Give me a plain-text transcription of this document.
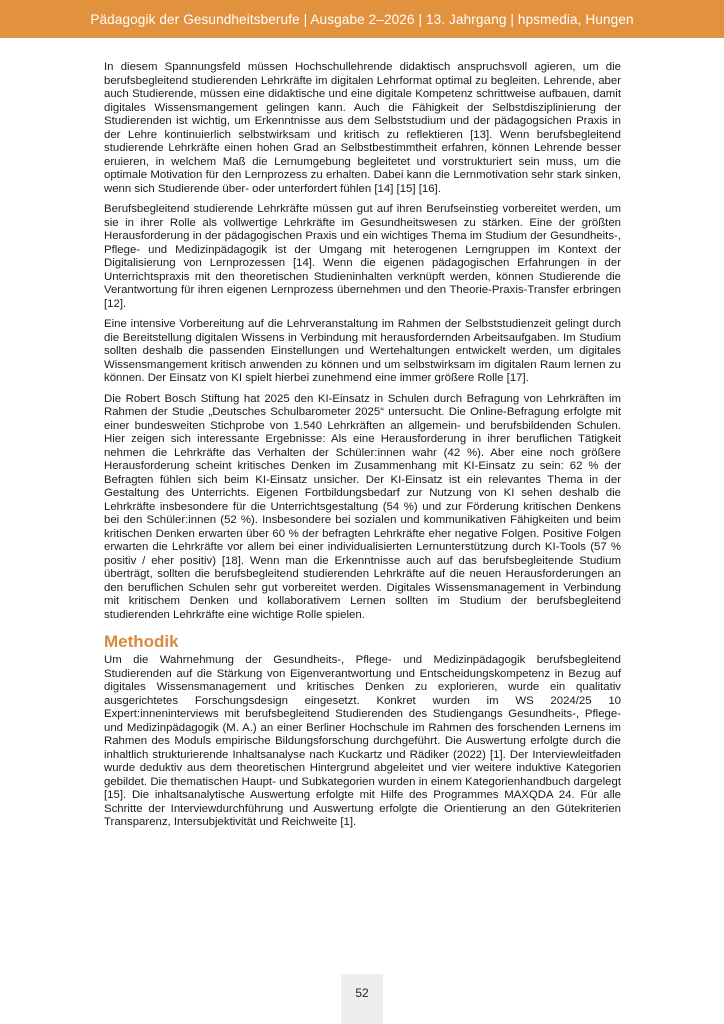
Pädagogik der Gesundheitsberufe | Ausgabe 2–2026 | 13. Jahrgang | hpsmedia, Hungen

In diesem Spannungsfeld müssen Hochschullehrende didaktisch anspruchsvoll agieren, um die berufsbegleitend studierenden Lehrkräfte im digitalen Lehrformat optimal zu begleiten. Lehrende, aber auch Studierende, müssen eine didaktische und eine digitale Kompetenz schrittweise aufbauen, damit digitales Wissensmangement gelingen kann. Auch die Fähigkeit der Selbstdisziplinierung der Studierenden ist wichtig, um Erkenntnisse aus dem Selbststudium und der pädagogsichen Praxis in der Lehre kontinuierlich selbstwirksam und kritisch zu reflektieren [13]. Wenn berufsbegleitend studierende Lehrkräfte einen hohen Grad an Selbstbestimmtheit erfahren, können Lehrende besser eruieren, in welchem Maß die Lernumgebung begleitetet und vorstrukturiert sein muss, um die optimale Motivation für den Lernprozess zu erhalten. Dabei kann die Lernmotivation sehr stark sinken, wenn sich Studierende über- oder unterfordert fühlen [14] [15] [16].

Berufsbegleitend studierende Lehrkräfte müssen gut auf ihren Berufseinstieg vorbereitet werden, um sie in ihrer Rolle als vollwertige Lehrkräfte im Gesundheitswesen zu stärken. Eine der größten Herausforderung in der pädagogischen Praxis und ein wichtiges Thema im Studium der Gesundheits-, Pflege- und Medizinpädagogik ist der Umgang mit heterogenen Lerngruppen im Kontext der Digitalisierung von Lernprozessen [14]. Wenn die eigenen pädagogischen Erfahrungen in der Unterrichtspraxis mit den theoretischen Studieninhalten verknüpft werden, können Studierende die Verantwortung für ihren eigenen Lernprozess übernehmen und den Theorie-Praxis-Transfer erbringen [12].

Eine intensive Vorbereitung auf die Lehrveranstaltung im Rahmen der Selbststudienzeit gelingt durch die Bereitstellung digitalen Wissens in Verbindung mit herausfordernden Arbeitsaufgaben. Im Studium sollten deshalb die passenden Einstellungen und Wertehaltungen entwickelt werden, um digitales Wissensmangement kritisch anwenden zu können und um selbstwirksam im digitalen Raum lernen zu können. Der Einsatz von KI spielt hierbei zunehmend eine immer größere Rolle [17].

Die Robert Bosch Stiftung hat 2025 den KI-Einsatz in Schulen durch Befragung von Lehrkräften im Rahmen der Studie „Deutsches Schulbarometer 2025“ untersucht. Die Online-Befragung erfolgte mit einer bundesweiten Stichprobe von 1.540 Lehrkräften an allgemein- und berufsbildenden Schulen. Hier zeigen sich interessante Ergebnisse: Als eine Herausforderung in ihrer beruflichen Tätigkeit nehmen die Lehrkräfte das Verhalten der Schüler:innen wahr (42 %). Aber eine noch größere Herausforderung scheint kritisches Denken im Zusammenhang mit KI-Einsatz zu sein: 62 % der Befragten fühlen sich beim KI-Einsatz unsicher. Der KI-Einsatz ist ein relevantes Thema in der Gestaltung des Unterrichts. Eigenen Fortbildungsbedarf zur Nutzung von KI sehen deshalb die Lehrkräfte insbesondere für die Unterrichtsgestaltung (54 %) und zur Förderung kritischen Denkens bei den Schüler:innen (52 %). Insbesondere bei sozialen und kommunikativen Fähigkeiten und beim kritischen Denken erwarten über 60 % der befragten Lehrkräfte eher negative Folgen. Positive Folgen erwarten die Lehrkräfte vor allem bei einer individualisierten Lernunterstützung durch KI-Tools (57 % positiv / eher positiv) [18]. Wenn man die Erkenntnisse auch auf das berufsbegleitende Studium überträgt, sollten die berufsbegleitend studierenden Lehrkräfte auf die neuen Herausforderungen an den beruflichen Schulen sehr gut vorbereitet werden. Digitales Wissensmanagement in Verbindung mit kritischem Denken und kollaborativem Lernen sollten im Studium der berufsbegleitend studierenden Lehrkräfte eine wichtige Rolle spielen.

Methodik

Um die Wahrnehmung der Gesundheits-, Pflege- und Medizinpädagogik berufsbegleitend Studierenden auf die Stärkung von Eigenverantwortung und Entscheidungskompetenz in Bezug auf digitales Wissensmanagement und kritisches Denken zu explorieren, wurde ein qualitativ ausgerichtetes Forschungsdesign eingesetzt. Konkret wurden im WS 2024/25 10 Expert:inneninterviews mit berufsbegleitend Studierenden des Studiengangs Gesundheits-, Pflege- und Medizinpädagogik (M. A.) an einer Berliner Hochschule im Rahmen des forschenden Lernens im Rahmen des Moduls empirische Bildungsforschung durchgeführt. Die Auswertung erfolgte durch die inhaltlich strukturierende Inhaltsanalyse nach Kuckartz und Rädiker (2022) [1]. Der Interviewleitfaden wurde deduktiv aus dem theoretischen Hintergrund abgeleitet und vier weitere induktive Kategorien gebildet. Die thematischen Haupt- und Subkategorien wurden in einem Kategorienhandbuch dargelegt [15]. Die inhaltsanalytische Auswertung erfolgte mit Hilfe des Programmes MAXQDA 24. Für alle Schritte der Interviewdurchführung und Auswertung erfolgte die Orientierung an den Gütekriterien Transparenz, Intersubjektivität und Reichweite [1].

52
